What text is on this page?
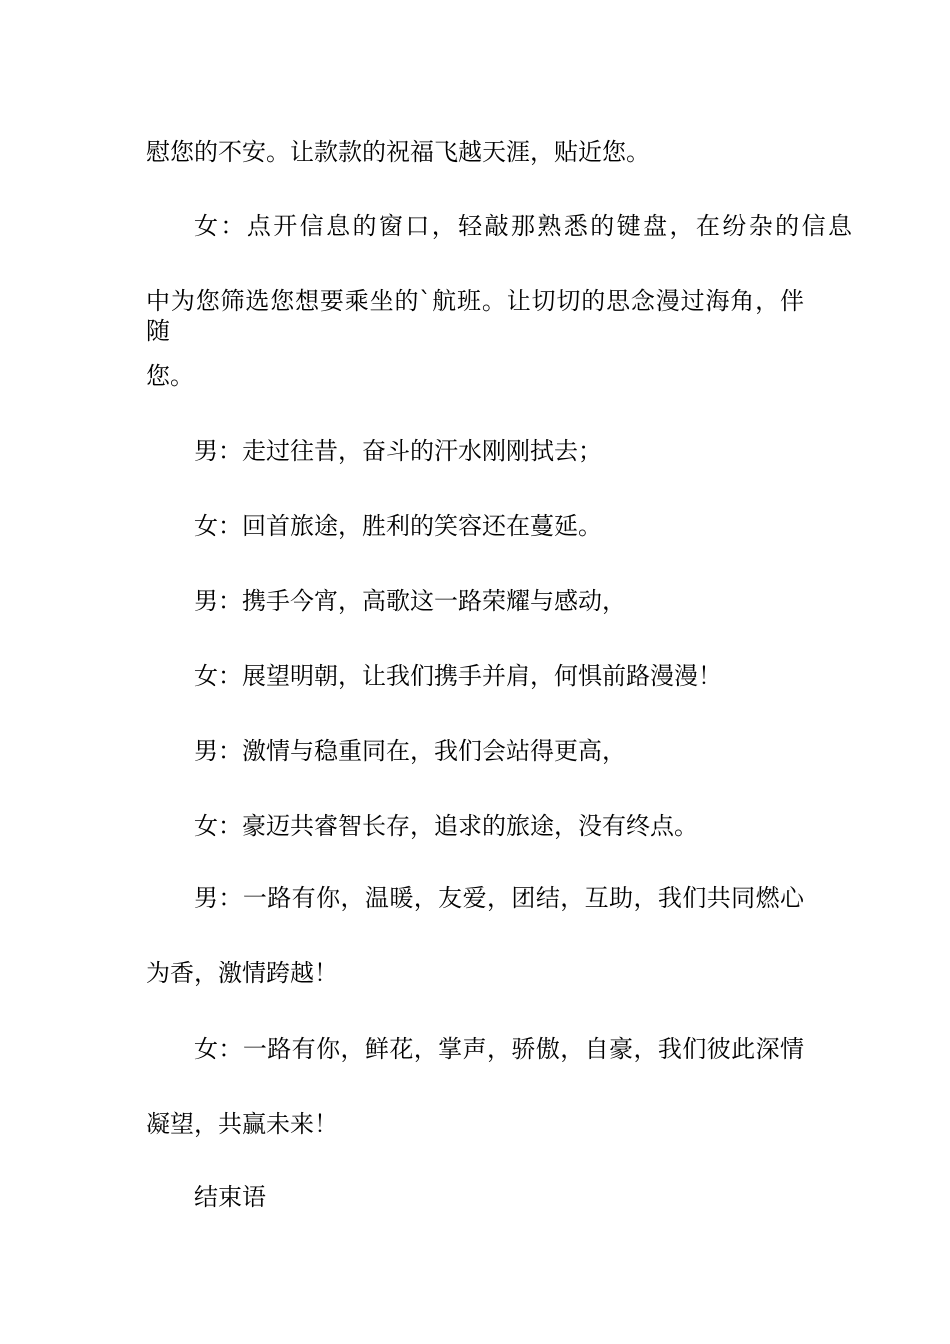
慰您的不安。让款款的祝福飞越天涯，贴近您。
女：点开信息的窗口，轻敲那熟悉的键盘，在纷杂的信息
中为您筛选您想要乘坐的`航班。让切切的思念漫过海角，伴随
您。
男：走过往昔，奋斗的汗水刚刚拭去；
女：回首旅途，胜利的笑容还在蔓延。
男：携手今宵，高歌这一路荣耀与感动，
女：展望明朝，让我们携手并肩，何惧前路漫漫！
男：激情与稳重同在，我们会站得更高，
女：豪迈共睿智长存，追求的旅途，没有终点。
男：一路有你，温暖，友爱，团结，互助，我们共同燃心
为香，激情跨越！
女：一路有你，鲜花，掌声，骄傲，自豪，我们彼此深情
凝望，共赢未来！
结束语
